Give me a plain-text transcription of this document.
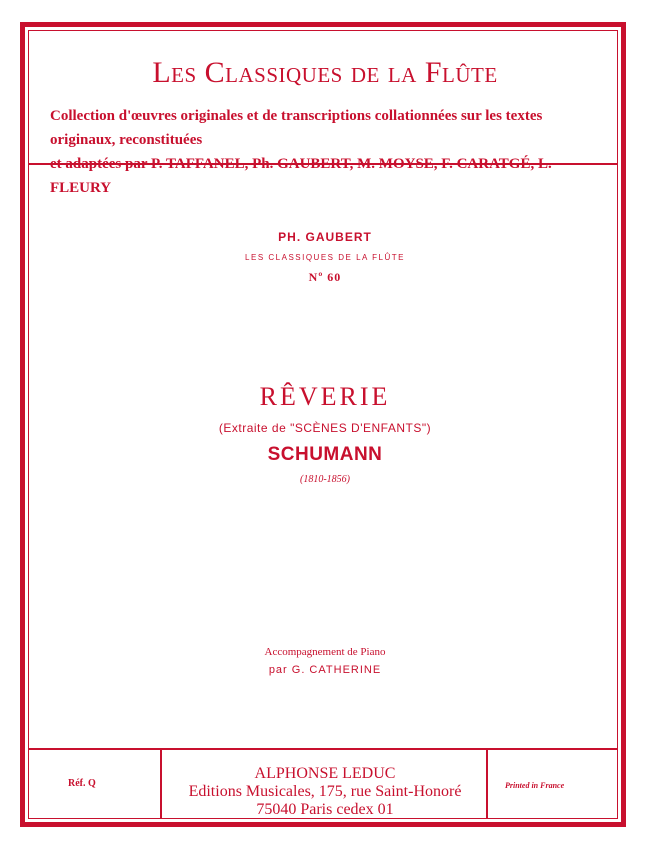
Les Classiques de la Flûte
Collection d'œuvres originales et de transcriptions collationnées sur les textes originaux, reconstituées
et adaptées par P. TAFFANEL, Ph. GAUBERT, M. MOYSE, F. CARATGÉ, L. FLEURY
PH. GAUBERT
LES CLASSIQUES DE LA FLÛTE
Nº 60
RÊVERIE
(Extraite de "SCÈNES D'ENFANTS")
SCHUMANN
(1810-1856)
Accompagnement de Piano
par G. CATHERINE
Réf. Q
ALPHONSE LEDUC
Editions Musicales, 175, rue Saint-Honoré
75040 Paris cedex 01
Printed in France
